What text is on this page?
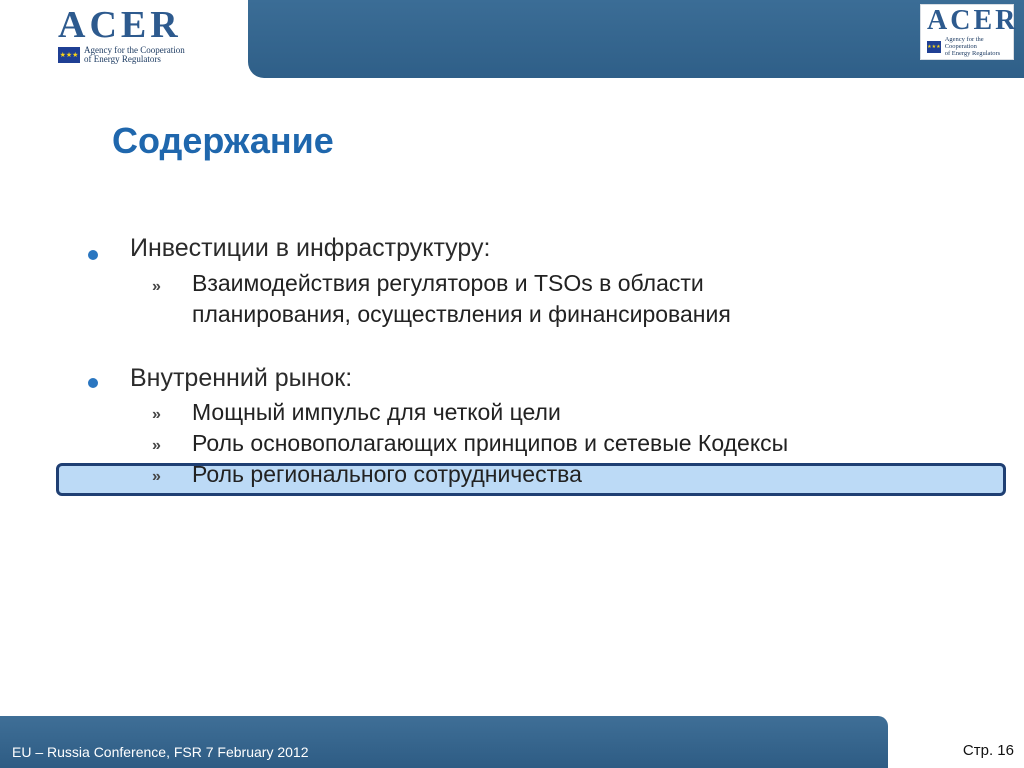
ACER
★★★ Agency for the Cooperation
of Energy Regulators
ACER
★★★
Agency for the Cooperation
of Energy Regulators
Содержание
Инвестиции в инфраструктуру:
» Взаимодействия регуляторов и TSOs в области
планирования, осуществления и финансирования
Внутренний рынок:
» Мощный импульс для четкой цели
» Роль основополагающих принципов и сетевые Кодексы
» Роль регионального сотрудничества
EU – Russia Conference, FSR 7 February 2012	Стр. 16
